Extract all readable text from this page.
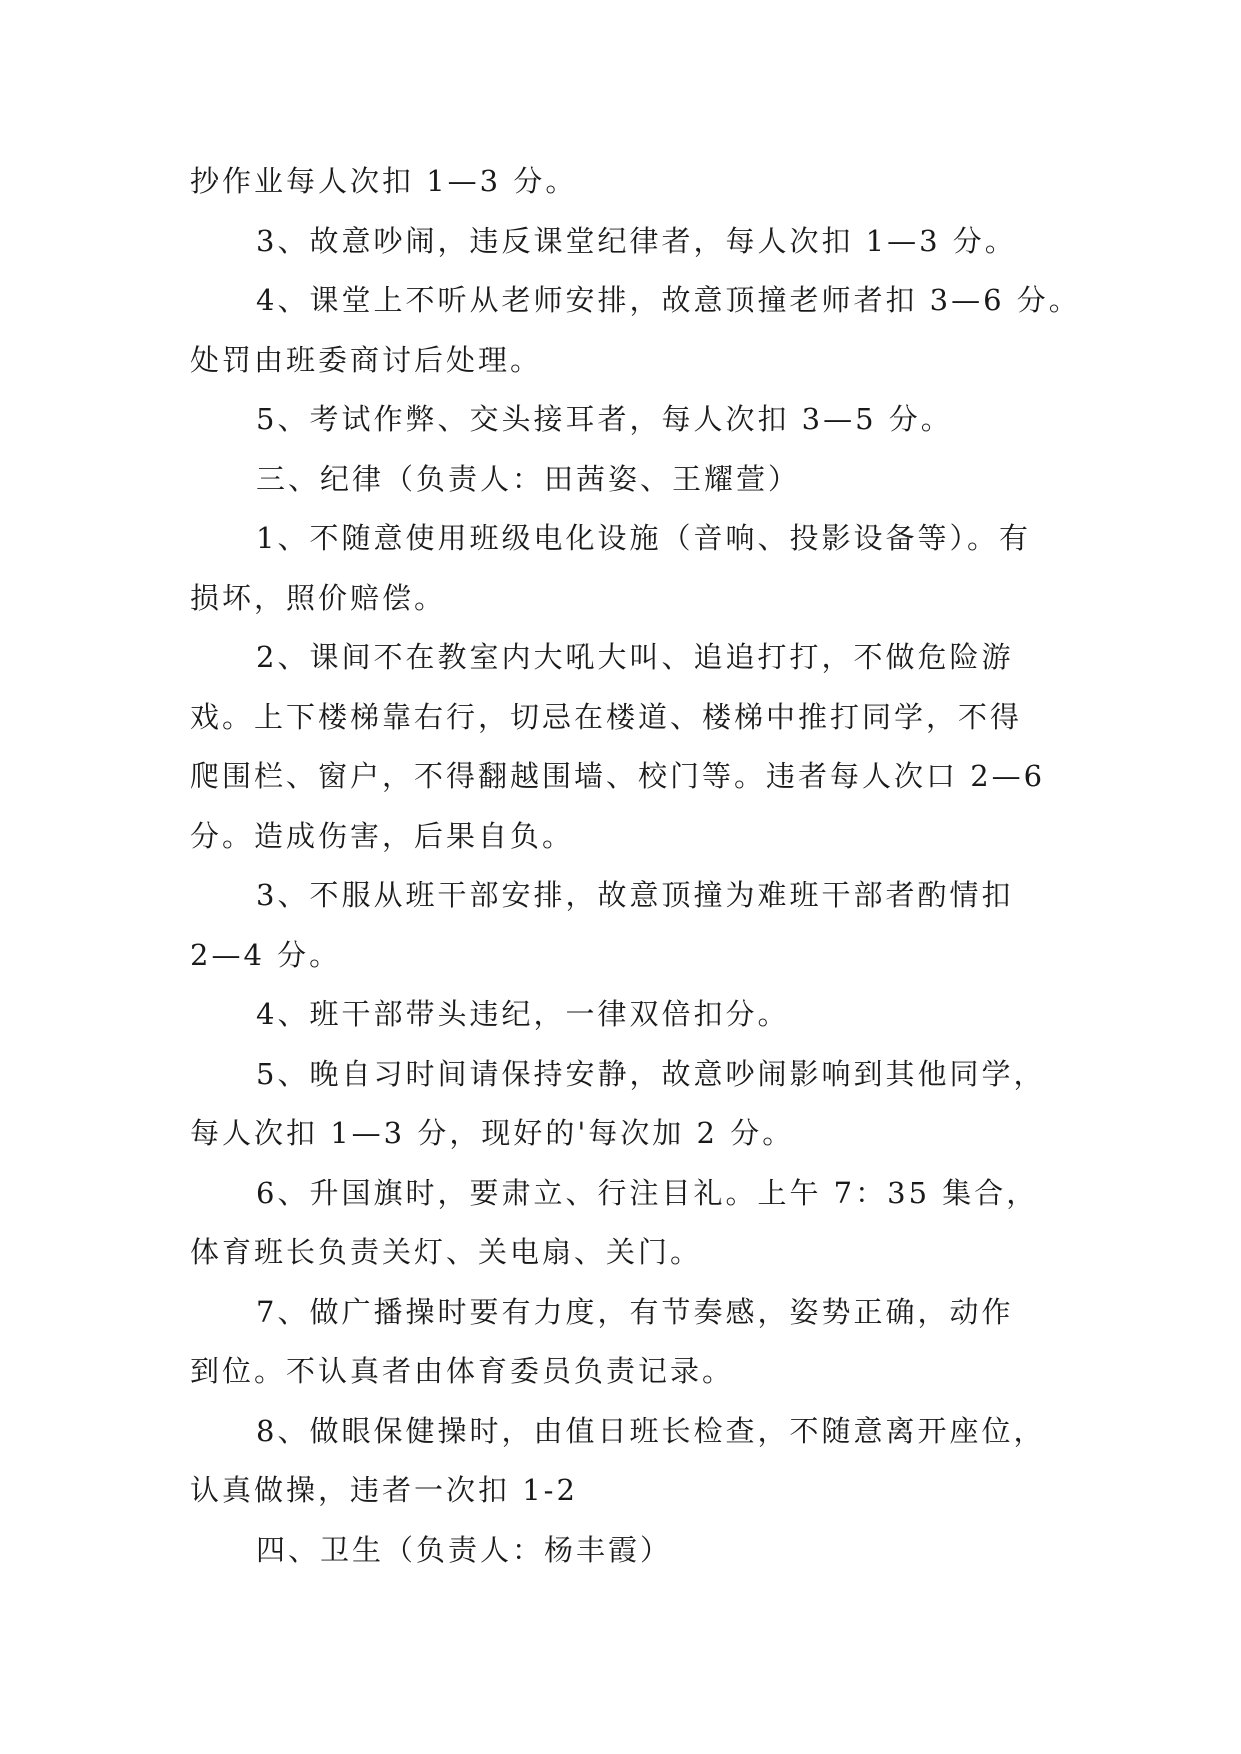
抄作业每人次扣 1—3 分。
3、故意吵闹，违反课堂纪律者，每人次扣 1—3 分。
4、课堂上不听从老师安排，故意顶撞老师者扣 3—6 分。
处罚由班委商讨后处理。
5、考试作弊、交头接耳者，每人次扣 3—5 分。
三、纪律（负责人：田茜姿、王耀萱）
1、不随意使用班级电化设施（音响、投影设备等）。有
损坏，照价赔偿。
2、课间不在教室内大吼大叫、追追打打，不做危险游
戏。上下楼梯靠右行，切忌在楼道、楼梯中推打同学，不得
爬围栏、窗户，不得翻越围墙、校门等。违者每人次口 2—6
分。造成伤害，后果自负。
3、不服从班干部安排，故意顶撞为难班干部者酌情扣
2—4 分。
4、班干部带头违纪，一律双倍扣分。
5、晚自习时间请保持安静，故意吵闹影响到其他同学，
每人次扣 1—3 分，现好的'每次加 2 分。
6、升国旗时，要肃立、行注目礼。上午 7：35 集合，
体育班长负责关灯、关电扇、关门。
7、做广播操时要有力度，有节奏感，姿势正确，动作
到位。不认真者由体育委员负责记录。
8、做眼保健操时，由值日班长检查，不随意离开座位，
认真做操，违者一次扣 1-2
四、卫生（负责人：杨丰霞）
